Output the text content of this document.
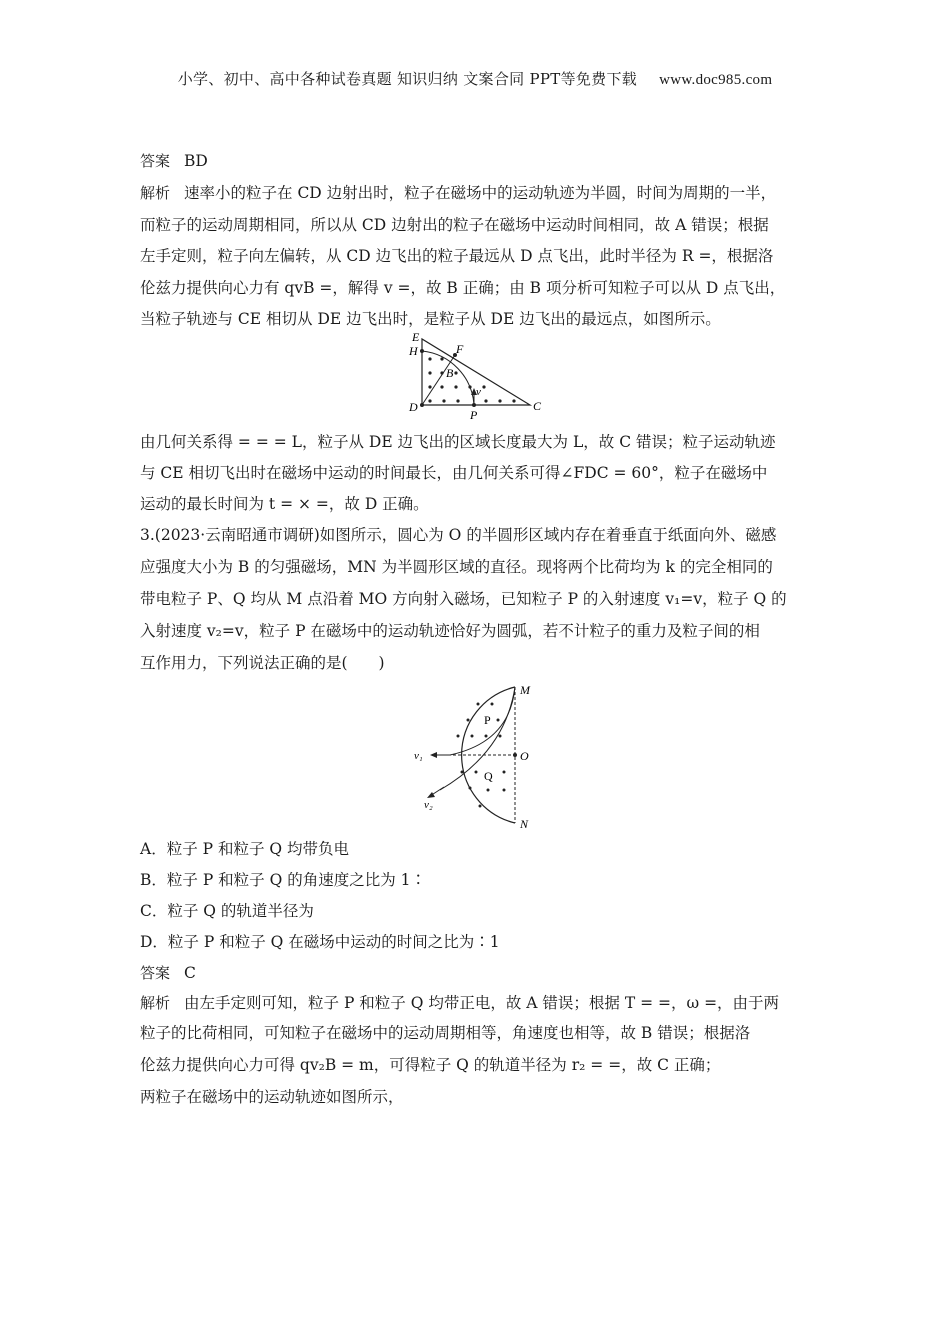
小学、初中、高中各种试卷真题 知识归纳 文案合同 PPT等免费下载 www.doc985.com
答案 BD
解析 速率小的粒子在 CD 边射出时，粒子在磁场中的运动轨迹为半圆，时间为周期的一半，
而粒子的运动周期相同，所以从 CD 边射出的粒子在磁场中运动时间相同，故 A 错误；根据
左手定则，粒子向左偏转，从 CD 边飞出的粒子最远从 D 点飞出，此时半径为 R =，根据洛
伦兹力提供向心力有 qvB =，解得 v =，故 B 正确；由 B 项分析可知粒子可以从 D 点飞出，
当粒子轨迹与 CE 相切从 DE 边飞出时，是粒子从 DE 边飞出的最远点，如图所示。
E
H	F
B
v
D
P
C
由几何关系得 = = = L，粒子从 DE 边飞出的区域长度最大为 L，故 C 错误；粒子运动轨迹
与 CE 相切飞出时在磁场中运动的时间最长，由几何关系可得∠FDC = 60°，粒子在磁场中
运动的最长时间为 t = × =，故 D 正确。
3.(2023·云南昭通市调研)如图所示，圆心为 O 的半圆形区域内存在着垂直于纸面向外、磁感
应强度大小为 B 的匀强磁场，MN 为半圆形区域的直径。现将两个比荷均为 k 的完全相同的
带电粒子 P、Q 均从 M 点沿着 MO 方向射入磁场，已知粒子 P 的入射速度 v₁=v，粒子 Q 的
入射速度 v₂=v，粒子 P 在磁场中的运动轨迹恰好为圆弧，若不计粒子的重力及粒子间的相
互作用力，下列说法正确的是(　　)
M
P
v₁	O
Q
v₂
N
A．粒子 P 和粒子 Q 均带负电
B．粒子 P 和粒子 Q 的角速度之比为 1∶
C．粒子 Q 的轨道半径为
D．粒子 P 和粒子 Q 在磁场中运动的时间之比为∶1
答案 C
解析 由左手定则可知，粒子 P 和粒子 Q 均带正电，故 A 错误；根据 T = =，ω =，由于两
粒子的比荷相同，可知粒子在磁场中的运动周期相等，角速度也相等，故 B 错误；根据洛
伦兹力提供向心力可得 qv₂B = m，可得粒子 Q 的轨道半径为 r₂ = =，故 C 正确；
两粒子在磁场中的运动轨迹如图所示，
